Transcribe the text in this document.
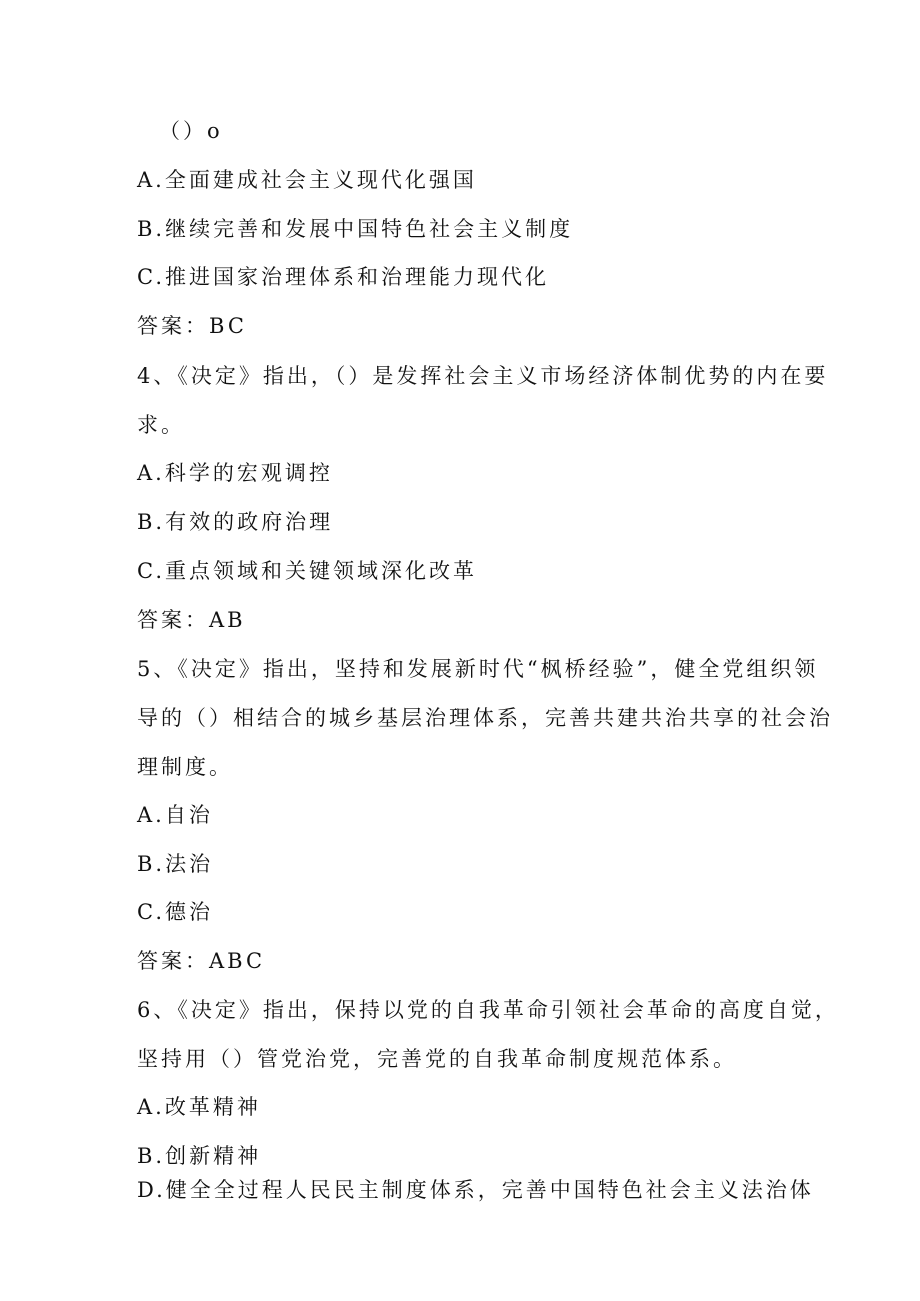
（）o
A.全面建成社会主义现代化强国
B.继续完善和发展中国特色社会主义制度
C.推进国家治理体系和治理能力现代化
答案：BC
4、《决定》指出，（）是发挥社会主义市场经济体制优势的内在要
求。
A.科学的宏观调控
B.有效的政府治理
C.重点领域和关键领域深化改革
答案：AB
5、《决定》指出，坚持和发展新时代“枫桥经验”，健全党组织领
导的（）相结合的城乡基层治理体系，完善共建共治共享的社会治
理制度。
A.自治
B.法治
C.德治
答案：ABC
6、《决定》指出，保持以党的自我革命引领社会革命的高度自觉，
坚持用（）管党治党，完善党的自我革命制度规范体系。
A.改革精神
B.创新精神
D.健全全过程人民民主制度体系，完善中国特色社会主义法治体
